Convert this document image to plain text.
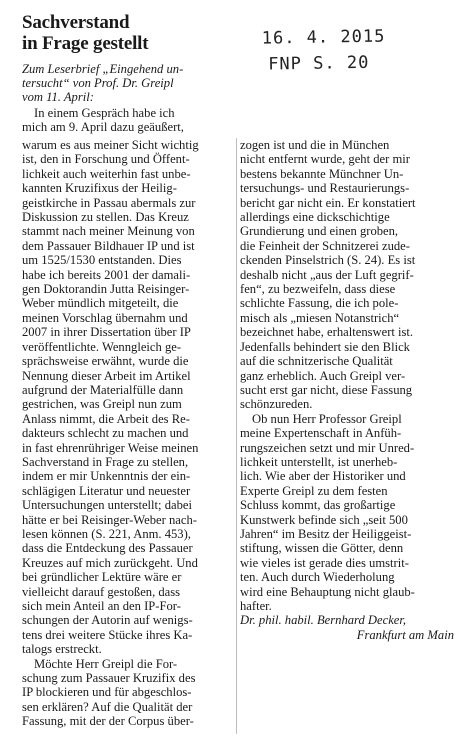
Sachverstand
in Frage gestellt
Zum Leserbrief „Eingehend un-
tersucht“ von Prof. Dr. Greipl
vom 11. April:
16. 4. 2015
FNP S. 20
In einem Gespräch habe ich
mich am 9. April dazu geäußert,
warum es aus meiner Sicht wichtig
ist, den in Forschung und Öffent-
lichkeit auch weiterhin fast unbe-
kannten Kruzifixus der Heilig-
geistkirche in Passau abermals zur
Diskussion zu stellen. Das Kreuz
stammt nach meiner Meinung von
dem Passauer Bildhauer IP und ist
um 1525/1530 entstanden. Dies
habe ich bereits 2001 der damali-
gen Doktorandin Jutta Reisinger-
Weber mündlich mitgeteilt, die
meinen Vorschlag übernahm und
2007 in ihrer Dissertation über IP
veröffentlichte. Wenngleich ge-
sprächsweise erwähnt, wurde die
Nennung dieser Arbeit im Artikel
aufgrund der Materialfülle dann
gestrichen, was Greipl nun zum
Anlass nimmt, die Arbeit des Re-
dakteurs schlecht zu machen und
in fast ehrenrühriger Weise meinen
Sachverstand in Frage zu stellen,
indem er mir Unkenntnis der ein-
schlägigen Literatur und neuester
Untersuchungen unterstellt; dabei
hätte er bei Reisinger-Weber nach-
lesen können (S. 221, Anm. 453),
dass die Entdeckung des Passauer
Kreuzes auf mich zurückgeht. Und
bei gründlicher Lektüre wäre er
vielleicht darauf gestoßen, dass
sich mein Anteil an den IP-For-
schungen der Autorin auf wenigs-
tens drei weitere Stücke ihres Ka-
talogs erstreckt.
Möchte Herr Greipl die For-
schung zum Passauer Kruzifix des
IP blockieren und für abgeschlos-
sen erklären? Auf die Qualität der
Fassung, mit der der Corpus über-
zogen ist und die in München
nicht entfernt wurde, geht der mir
bestens bekannte Münchner Un-
tersuchungs- und Restaurierungs-
bericht gar nicht ein. Er konstatiert
allerdings eine dickschichtige
Grundierung und einen groben,
die Feinheit der Schnitzerei zude-
ckenden Pinselstrich (S. 24). Es ist
deshalb nicht „aus der Luft gegrif-
fen“, zu bezweifeln, dass diese
schlichte Fassung, die ich pole-
misch als „miesen Notanstrich“
bezeichnet habe, erhaltenswert ist.
Jedenfalls behindert sie den Blick
auf die schnitzerische Qualität
ganz erheblich. Auch Greipl ver-
sucht erst gar nicht, diese Fassung
schönzureden.
Ob nun Herr Professor Greipl
meine Expertenschaft in Anfüh-
rungszeichen setzt und mir Unred-
lichkeit unterstellt, ist unerheb-
lich. Wie aber der Historiker und
Experte Greipl zu dem festen
Schluss kommt, das großartige
Kunstwerk befinde sich „seit 500
Jahren“ im Besitz der Heiliggeist-
stiftung, wissen die Götter, denn
wie vieles ist gerade dies umstrit-
ten. Auch durch Wiederholung
wird eine Behauptung nicht glaub-
hafter.
Dr. phil. habil. Bernhard Decker,
Frankfurt am Main
